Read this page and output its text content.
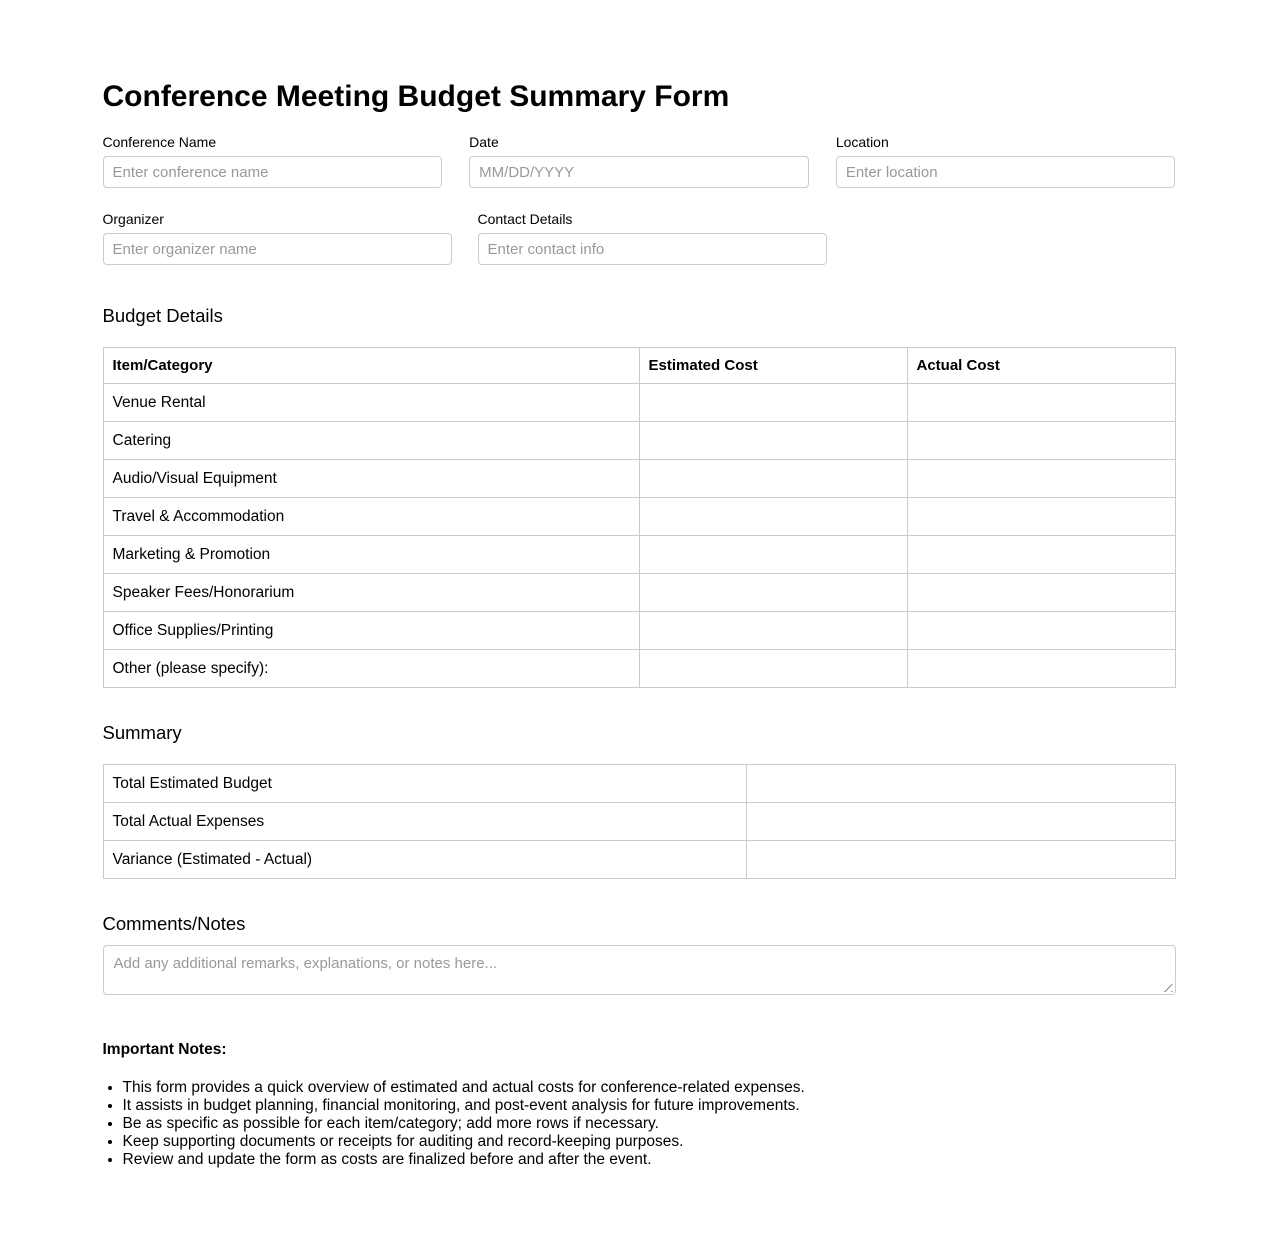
Conference Meeting Budget Summary Form
Conference Name
Enter conference name	Date
MM/DD/YYYY	Location
Enter location
Organizer
Enter organizer name	Contact Details
Enter contact info
Budget Details
Item/Category	Estimated Cost	Actual Cost
Venue Rental		
Catering		
Audio/Visual Equipment		
Travel & Accommodation		
Marketing & Promotion		
Speaker Fees/Honorarium		
Office Supplies/Printing		
Other (please specify):		
Summary
Total Estimated Budget	
Total Actual Expenses	
Variance (Estimated - Actual)	
Comments/Notes
Add any additional remarks, explanations, or notes here...

Important Notes:

• This form provides a quick overview of estimated and actual costs for conference-related expenses.
• It assists in budget planning, financial monitoring, and post-event analysis for future improvements.
• Be as specific as possible for each item/category; add more rows if necessary.
• Keep supporting documents or receipts for auditing and record-keeping purposes.
• Review and update the form as costs are finalized before and after the event.
